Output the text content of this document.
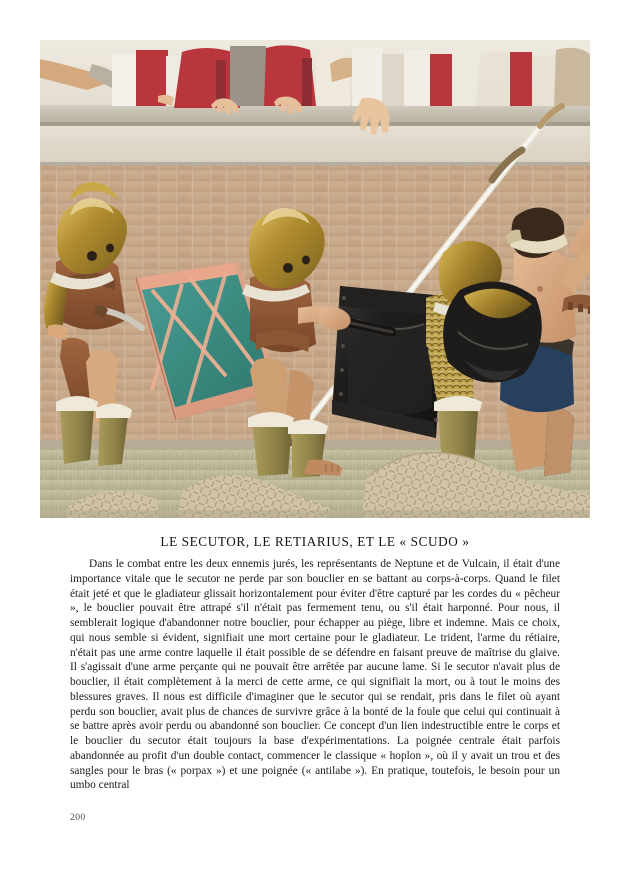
LE SECUTOR, LE RETIARIUS, ET LE « SCUDO »

Dans le combat entre les deux ennemis jurés, les représentants de Neptune et de Vulcain, il était d'une importance vitale que le secutor ne perde par son bouclier en se battant au corps-à-corps. Quand le filet était jeté et que le gladiateur glissait horizontalement pour éviter d'être capturé par les cordes du « pêcheur », le bouclier pouvait être attrapé s'il n'était pas fermement tenu, ou s'il était harponné. Pour nous, il semblerait logique d'abandonner notre bouclier, pour échapper au piège, libre et indemne. Mais ce choix, qui nous semble si évident, signifiait une mort certaine pour le gladiateur. Le trident, l'arme du rétiaire, n'était pas une arme contre laquelle il était possible de se défendre en faisant preuve de maîtrise du glaive. Il s'agissait d'une arme perçante qui ne pouvait être arrêtée par aucune lame. Si le secutor n'avait plus de bouclier, il était complètement à la merci de cette arme, ce qui signifiait la mort, ou à tout le moins des blessures graves. Il nous est difficile d'imaginer que le secutor qui se rendait, pris dans le filet où ayant perdu son bouclier, avait plus de chances de survivre grâce à la bonté de la foule que celui qui continuait à se battre après avoir perdu ou abandonné son bouclier. Ce concept d'un lien indestructible entre le corps et le bouclier du secutor était toujours la base d'expérimentations. La poignée centrale était parfois abandonnée au profit d'un double contact, commencer le classique « hoplon », où il y avait un trou et des sangles pour le bras (« porpax ») et une poignée (« antilabe »). En pratique, toutefois, le besoin pour un umbo central

200
